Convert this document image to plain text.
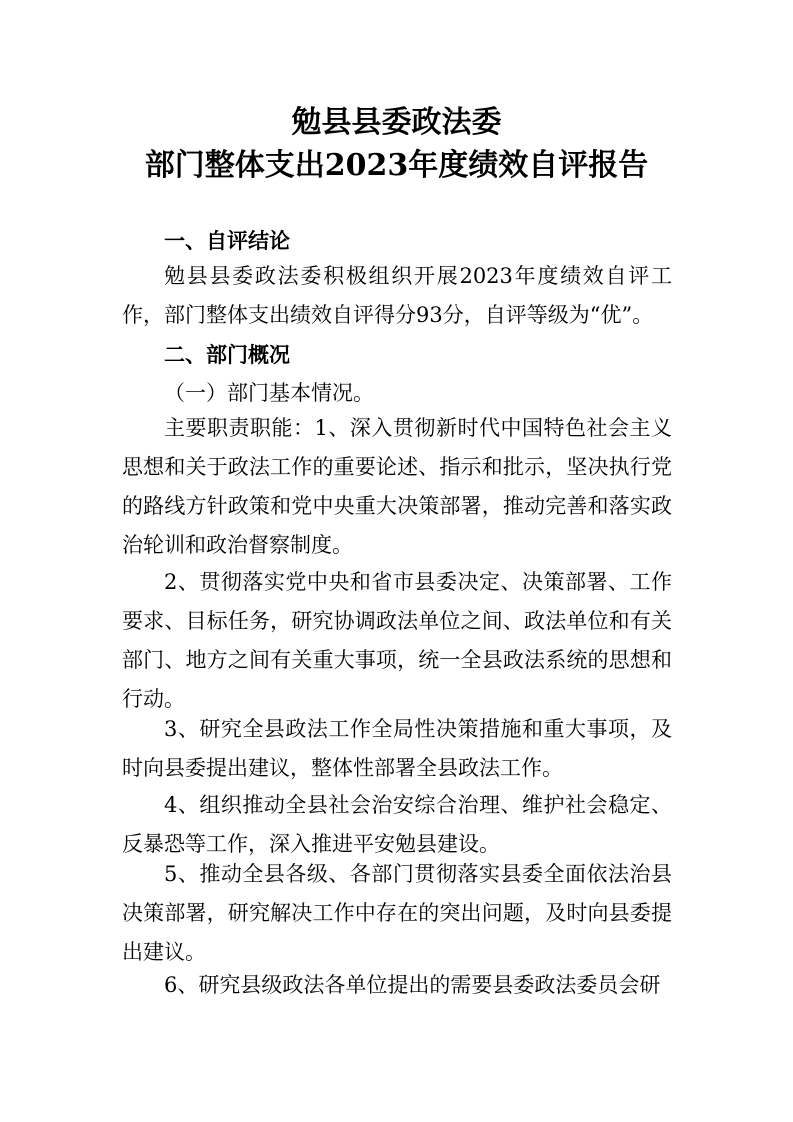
勉县县委政法委
部门整体支出2023年度绩效自评报告
一、自评结论

勉县县委政法委积极组织开展2023年度绩效自评工作，部门整体支出绩效自评得分93分，自评等级为“优”。

二、部门概况
（一）部门基本情况。

主要职责职能：1、深入贯彻新时代中国特色社会主义思想和关于政法工作的重要论述、指示和批示，坚决执行党的路线方针政策和党中央重大决策部署，推动完善和落实政治轮训和政治督察制度。

2、贯彻落实党中央和省市县委决定、决策部署、工作要求、目标任务，研究协调政法单位之间、政法单位和有关部门、地方之间有关重大事项，统一全县政法系统的思想和行动。

3、研究全县政法工作全局性决策措施和重大事项，及时向县委提出建议，整体性部署全县政法工作。

4、组织推动全县社会治安综合治理、维护社会稳定、反暴恐等工作，深入推进平安勉县建设。

5、推动全县各级、各部门贯彻落实县委全面依法治县决策部署，研究解决工作中存在的突出问题，及时向县委提出建议。

6、研究县级政法各单位提出的需要县委政法委员会研
